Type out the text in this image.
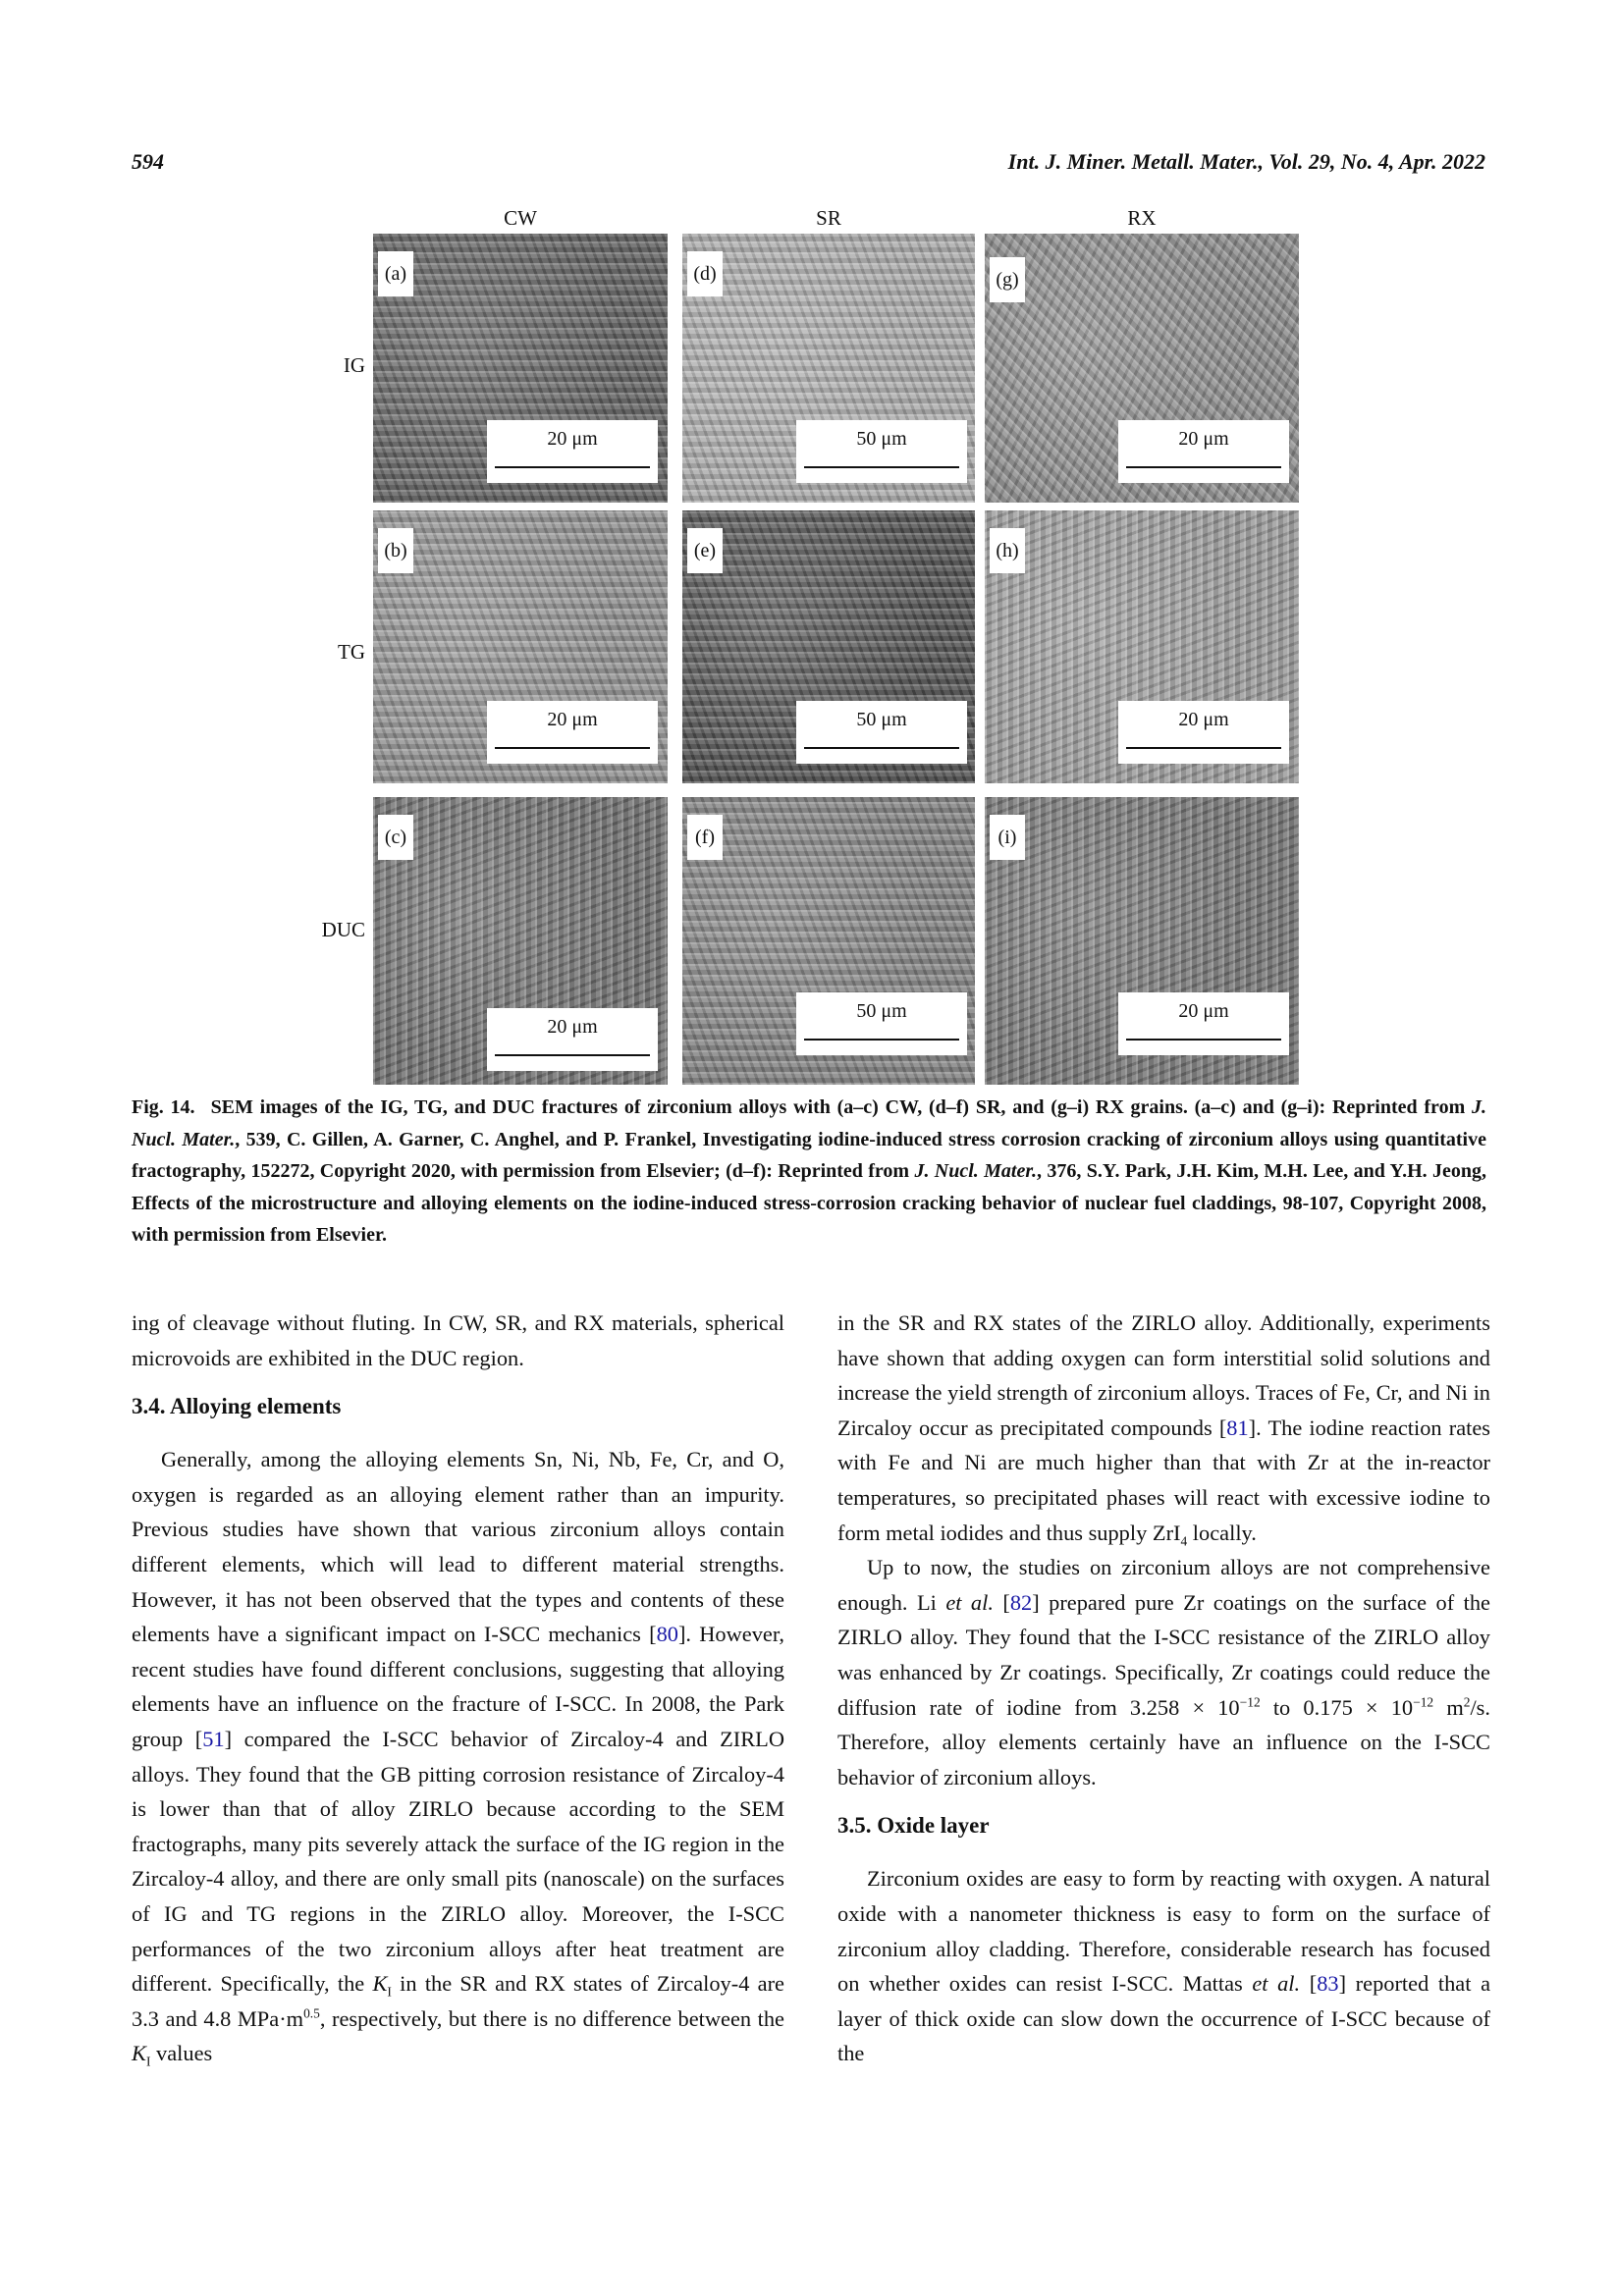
594	Int. J. Miner. Metall. Mater., Vol. 29, No. 4, Apr. 2022
CW	SR	RX
IG
TG
DUC
(a)
20 μm
(d)
50 μm
(g)
20 μm
(b)
20 μm
(e)
50 μm
(h)
20 μm
(c)
20 μm
(f)
50 μm
(i)
20 μm
Fig. 14. SEM images of the IG, TG, and DUC fractures of zirconium alloys with (a–c) CW, (d–f) SR, and (g–i) RX grains. (a–c) and (g–i): Reprinted from J. Nucl. Mater., 539, C. Gillen, A. Garner, C. Anghel, and P. Frankel, Investigating iodine-induced stress corrosion cracking of zirconium alloys using quantitative fractography, 152272, Copyright 2020, with permission from Elsevier; (d–f): Reprinted from J. Nucl. Mater., 376, S.Y. Park, J.H. Kim, M.H. Lee, and Y.H. Jeong, Effects of the microstructure and alloying elements on the iodine-induced stress-corrosion cracking behavior of nuclear fuel claddings, 98-107, Copyright 2008, with permission from Elsevier.

ing of cleavage without fluting. In CW, SR, and RX materials, spherical microvoids are exhibited in the DUC region.

3.4. Alloying elements

Generally, among the alloying elements Sn, Ni, Nb, Fe, Cr, and O, oxygen is regarded as an alloying element rather than an impurity. Previous studies have shown that various zirconium alloys contain different elements, which will lead to different material strengths. However, it has not been observed that the types and contents of these elements have a significant impact on I-SCC mechanics [80]. However, recent studies have found different conclusions, suggesting that alloying elements have an influence on the fracture of I-SCC. In 2008, the Park group [51] compared the I-SCC behavior of Zircaloy-4 and ZIRLO alloys. They found that the GB pitting corrosion resistance of Zircaloy-4 is lower than that of alloy ZIRLO because according to the SEM fractographs, many pits severely attack the surface of the IG region in the Zircaloy-4 alloy, and there are only small pits (nanoscale) on the surfaces of IG and TG regions in the ZIRLO alloy. Moreover, the I-SCC performances of the two zirconium alloys after heat treatment are different. Specifically, the $K_I$ in the SR and RX states of Zircaloy-4 are 3.3 and 4.8 $MPa\cdot m^{0.5}$, respectively, but there is no difference between the $K_I$ values

in the SR and RX states of the ZIRLO alloy. Additionally, experiments have shown that adding oxygen can form interstitial solid solutions and increase the yield strength of zirconium alloys. Traces of Fe, Cr, and Ni in Zircaloy occur as precipitated compounds [81]. The iodine reaction rates with Fe and Ni are much higher than that with Zr at the in-reactor temperatures, so precipitated phases will react with excessive iodine to form metal iodides and thus supply ZrI$_4$ locally.

Up to now, the studies on zirconium alloys are not comprehensive enough. Li et al. [82] prepared pure Zr coatings on the surface of the ZIRLO alloy. They found that the I-SCC resistance of the ZIRLO alloy was enhanced by Zr coatings. Specifically, Zr coatings could reduce the diffusion rate of iodine from $3.258 \times 10^{-12}$ to $0.175 \times 10^{-12}$ $m^2/s$. Therefore, alloy elements certainly have an influence on the I-SCC behavior of zirconium alloys.

3.5. Oxide layer

Zirconium oxides are easy to form by reacting with oxygen. A natural oxide with a nanometer thickness is easy to form on the surface of zirconium alloy cladding. Therefore, considerable research has focused on whether oxides can resist I-SCC. Mattas et al. [83] reported that a layer of thick oxide can slow down the occurrence of I-SCC because of the
